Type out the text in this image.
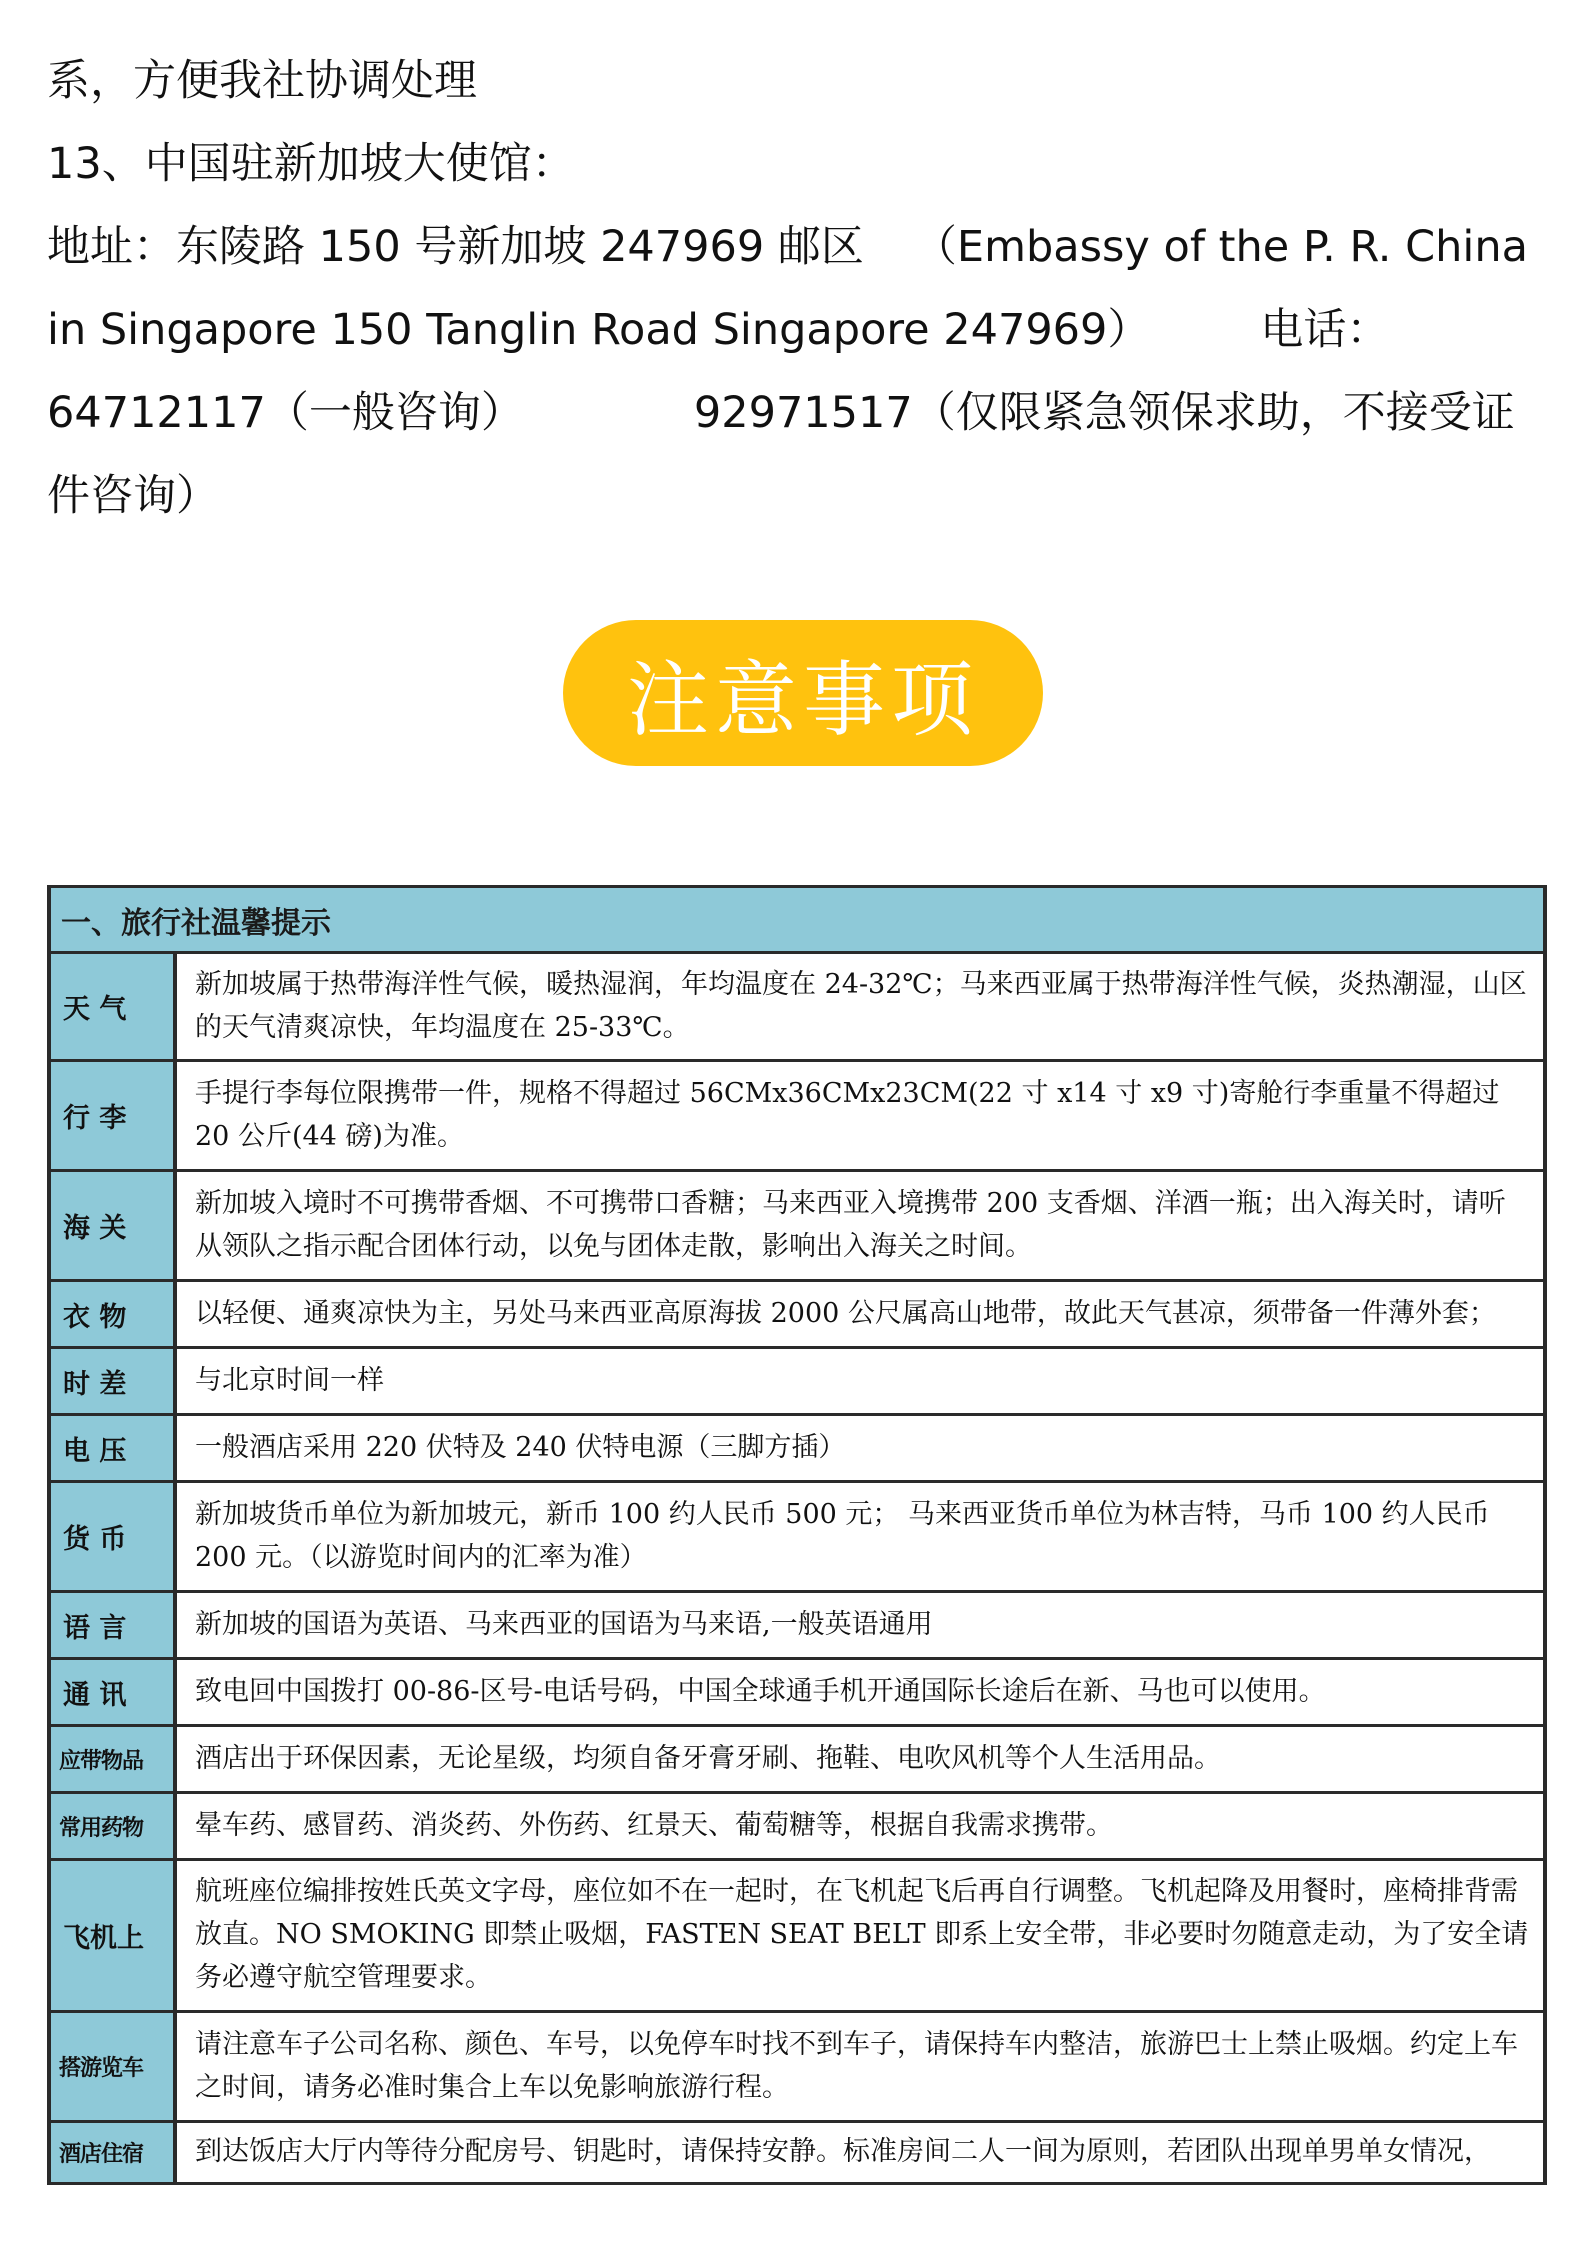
系，方便我社协调处理

13、中国驻新加坡大使馆：

地址：东陵路 150 号新加坡 247969 邮区 （Embassy of the P. R. China in Singapore 150 Tanglin Road Singapore 247969）	电话：64712117（一般咨询）	92971517（仅限紧急领保求助，不接受证件咨询）

注意事项
一、旅行社温馨提示	
天 气	新加坡属于热带海洋性气候，暖热湿润，年均温度在 24-32℃；马来西亚属于热带海洋性气候，炎热潮湿，山区的天气清爽凉快，年均温度在 25-33℃。
行 李	手提行李每位限携带一件，规格不得超过 56CMx36CMx23CM(22 寸 x14 寸 x9 寸)寄舱行李重量不得超过 20 公斤(44 磅)为准。
海 关	新加坡入境时不可携带香烟、不可携带口香糖；马来西亚入境携带 200 支香烟、洋酒一瓶；出入海关时，请听从领队之指示配合团体行动，以免与团体走散，影响出入海关之时间。
衣 物	以轻便、通爽凉快为主，另处马来西亚高原海拔 2000 公尺属高山地带，故此天气甚凉，须带备一件薄外套；
时 差	与北京时间一样
电 压	一般酒店采用 220 伏特及 240 伏特电源（三脚方插）
货 币	新加坡货币单位为新加坡元，新币 100 约人民币 500 元； 马来西亚货币单位为林吉特，马币 100 约人民币 200 元。（以游览时间内的汇率为准）
语 言	新加坡的国语为英语、马来西亚的国语为马来语,一般英语通用
通 讯	致电回中国拨打 00-86-区号-电话号码，中国全球通手机开通国际长途后在新、马也可以使用。
应带物品	酒店出于环保因素，无论星级，均须自备牙膏牙刷、拖鞋、电吹风机等个人生活用品。
常用药物	晕车药、感冒药、消炎药、外伤药、红景天、葡萄糖等，根据自我需求携带。
飞机上	航班座位编排按姓氏英文字母，座位如不在一起时，在飞机起飞后再自行调整。飞机起降及用餐时，座椅排背需放直。NO SMOKING 即禁止吸烟，FASTEN SEAT BELT 即系上安全带，非必要时勿随意走动，为了安全请务必遵守航空管理要求。
搭游览车	请注意车子公司名称、颜色、车号，以免停车时找不到车子，请保持车内整洁，旅游巴士上禁止吸烟。约定上车之时间，请务必准时集合上车以免影响旅游行程。
酒店住宿	到达饭店大厅内等待分配房号、钥匙时，请保持安静。标准房间二人一间为原则，若团队出现单男单女情况，
